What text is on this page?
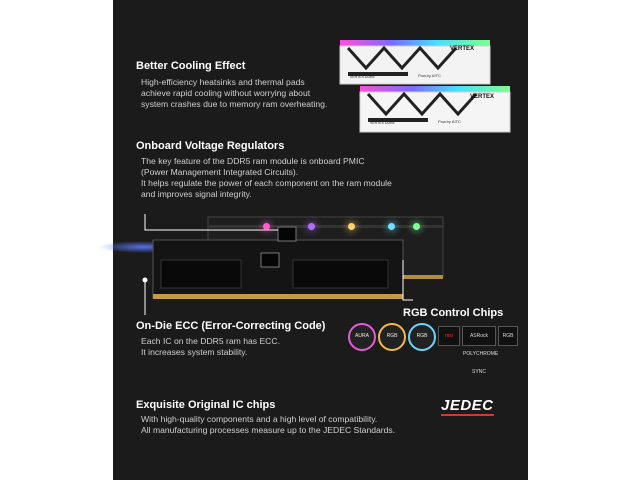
Better Cooling Effect
High-efficiency heatsinks and thermal pads
achieve rapid cooling without worrying about
system crashes due to memory ram overheating.
VERTEX
VERTEX
VERTEX DDR5	Pow.by AITC
VERTEX DDR5	Pow.by AITC
Onboard Voltage Regulators
The key feature of the DDR5 ram module is onboard PMIC
(Power Management Integrated Circuits).
It helps regulate the power of each component on the ram module
and improves signal integrity.
RGB Control Chips
AURA	RGB	RGB	msi	ASRock POLYCHROME SYNC
RGB
On-Die ECC (Error-Correcting Code)
Each IC on the DDR5 ram has ECC.
It increases system stability.
Exquisite Original IC chips
With high-quality components and a high level of compatibility.
All manufacturing processes measure up to the JEDEC Standards.
JEDEC
